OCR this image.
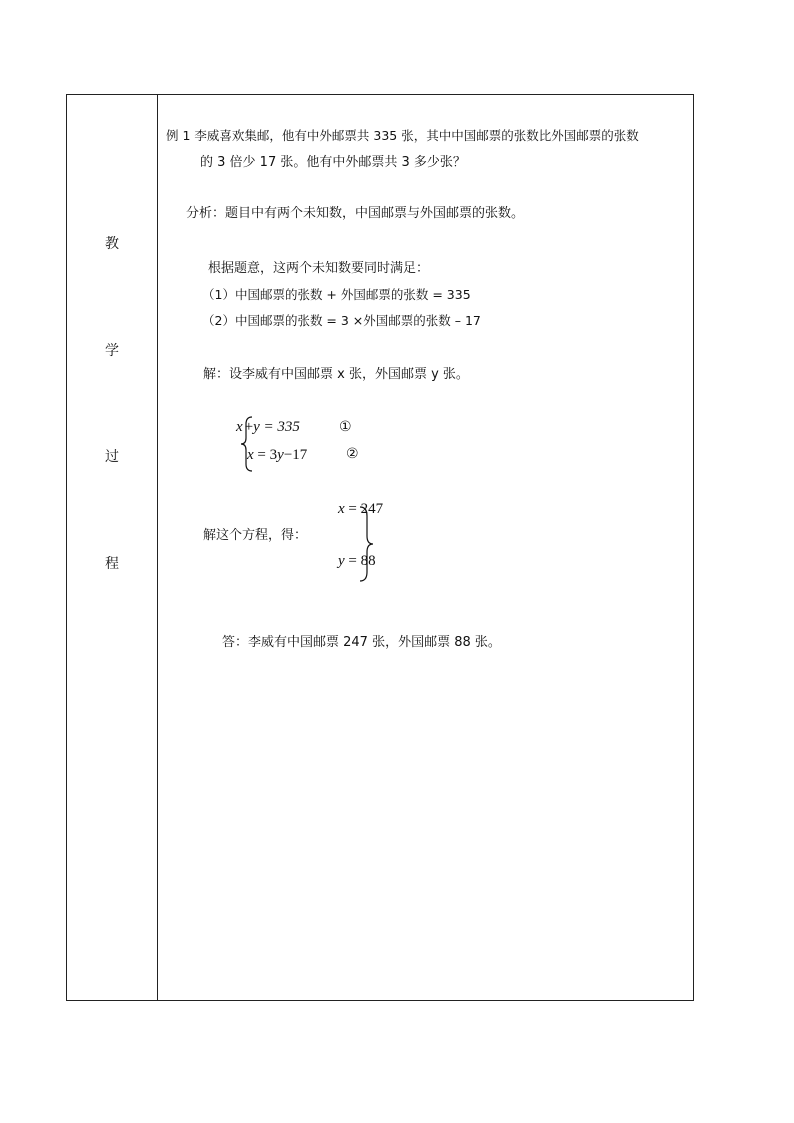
教
学
过
程
例 1 李威喜欢集邮，他有中外邮票共 335 张，其中中国邮票的张数比外国邮票的张数
的 3 倍少 17 张。他有中外邮票共 3 多少张？
分析：题目中有两个未知数，中国邮票与外国邮票的张数。
根据题意，这两个未知数要同时满足：
（1）中国邮票的张数 + 外国邮票的张数 = 335
（2）中国邮票的张数 = 3 ×外国邮票的张数 – 17
解：设李威有中国邮票 x 张，外国邮票 y 张。
x +y = 335	①
x = 3y−17	②
解这个方程，得：
x = 247
y = 88
答：李威有中国邮票 247 张，外国邮票 88 张。
